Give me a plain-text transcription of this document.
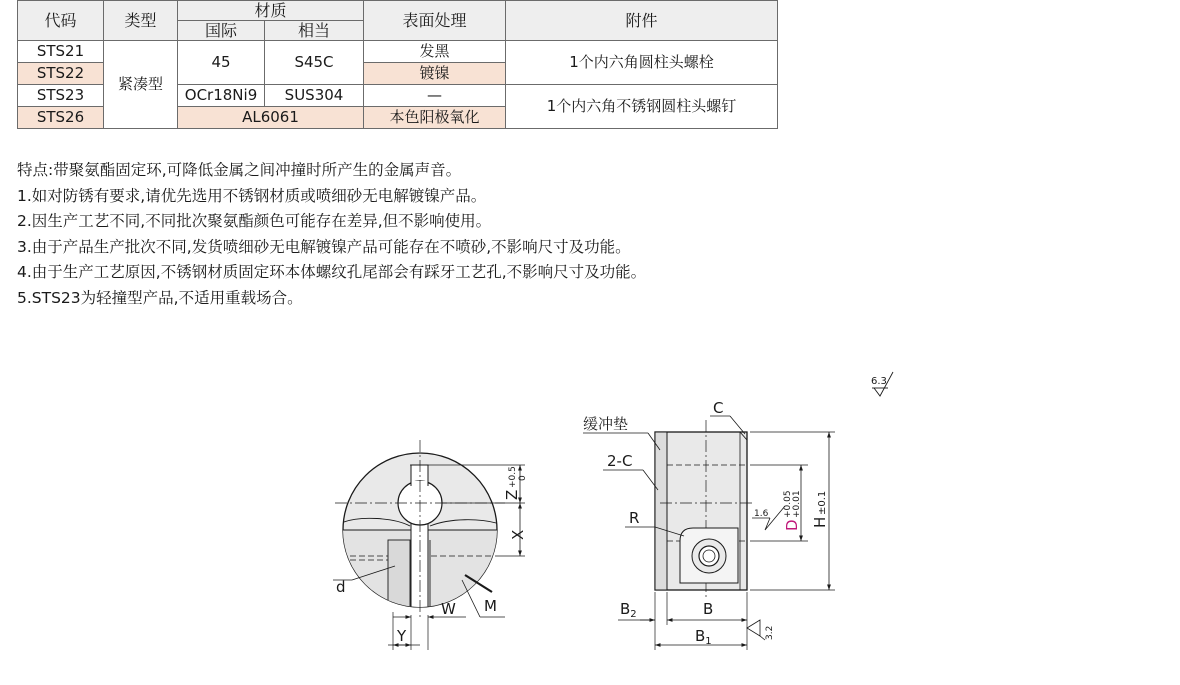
代码	类型	材质		表面处理	附件
		国际	相当		
STS21	紧凑型	45	S45C	发黑	1个内六角圆柱头螺栓
STS22				镀镍	
STS23		OCr18Ni9	SUS304	—	1个内六角不锈钢圆柱头螺钉
STS26		AL6061		本色阳极氧化	
特点:带聚氨酯固定环,可降低金属之间冲撞时所产生的金属声音。
1.如对防锈有要求,请优先选用不锈钢材质或喷细砂无电解镀镍产品。
2.因生产工艺不同,不同批次聚氨酯颜色可能存在差异,但不影响使用。
3.由于产品生产批次不同,发货喷细砂无电解镀镍产品可能存在不喷砂,不影响尺寸及功能。
4.由于生产工艺原因,不锈钢材质固定环本体螺纹孔尾部会有踩牙工艺孔,不影响尺寸及功能。
5.STS23为轻撞型产品,不适用重载场合。
6.3
Z
+0.5 0
X
d
W M
Y
缓冲垫
2-C
C
R	H
±0.1
D
+0.05 +0.01
1.6
$B_2$	B
$B_1$
3.2
